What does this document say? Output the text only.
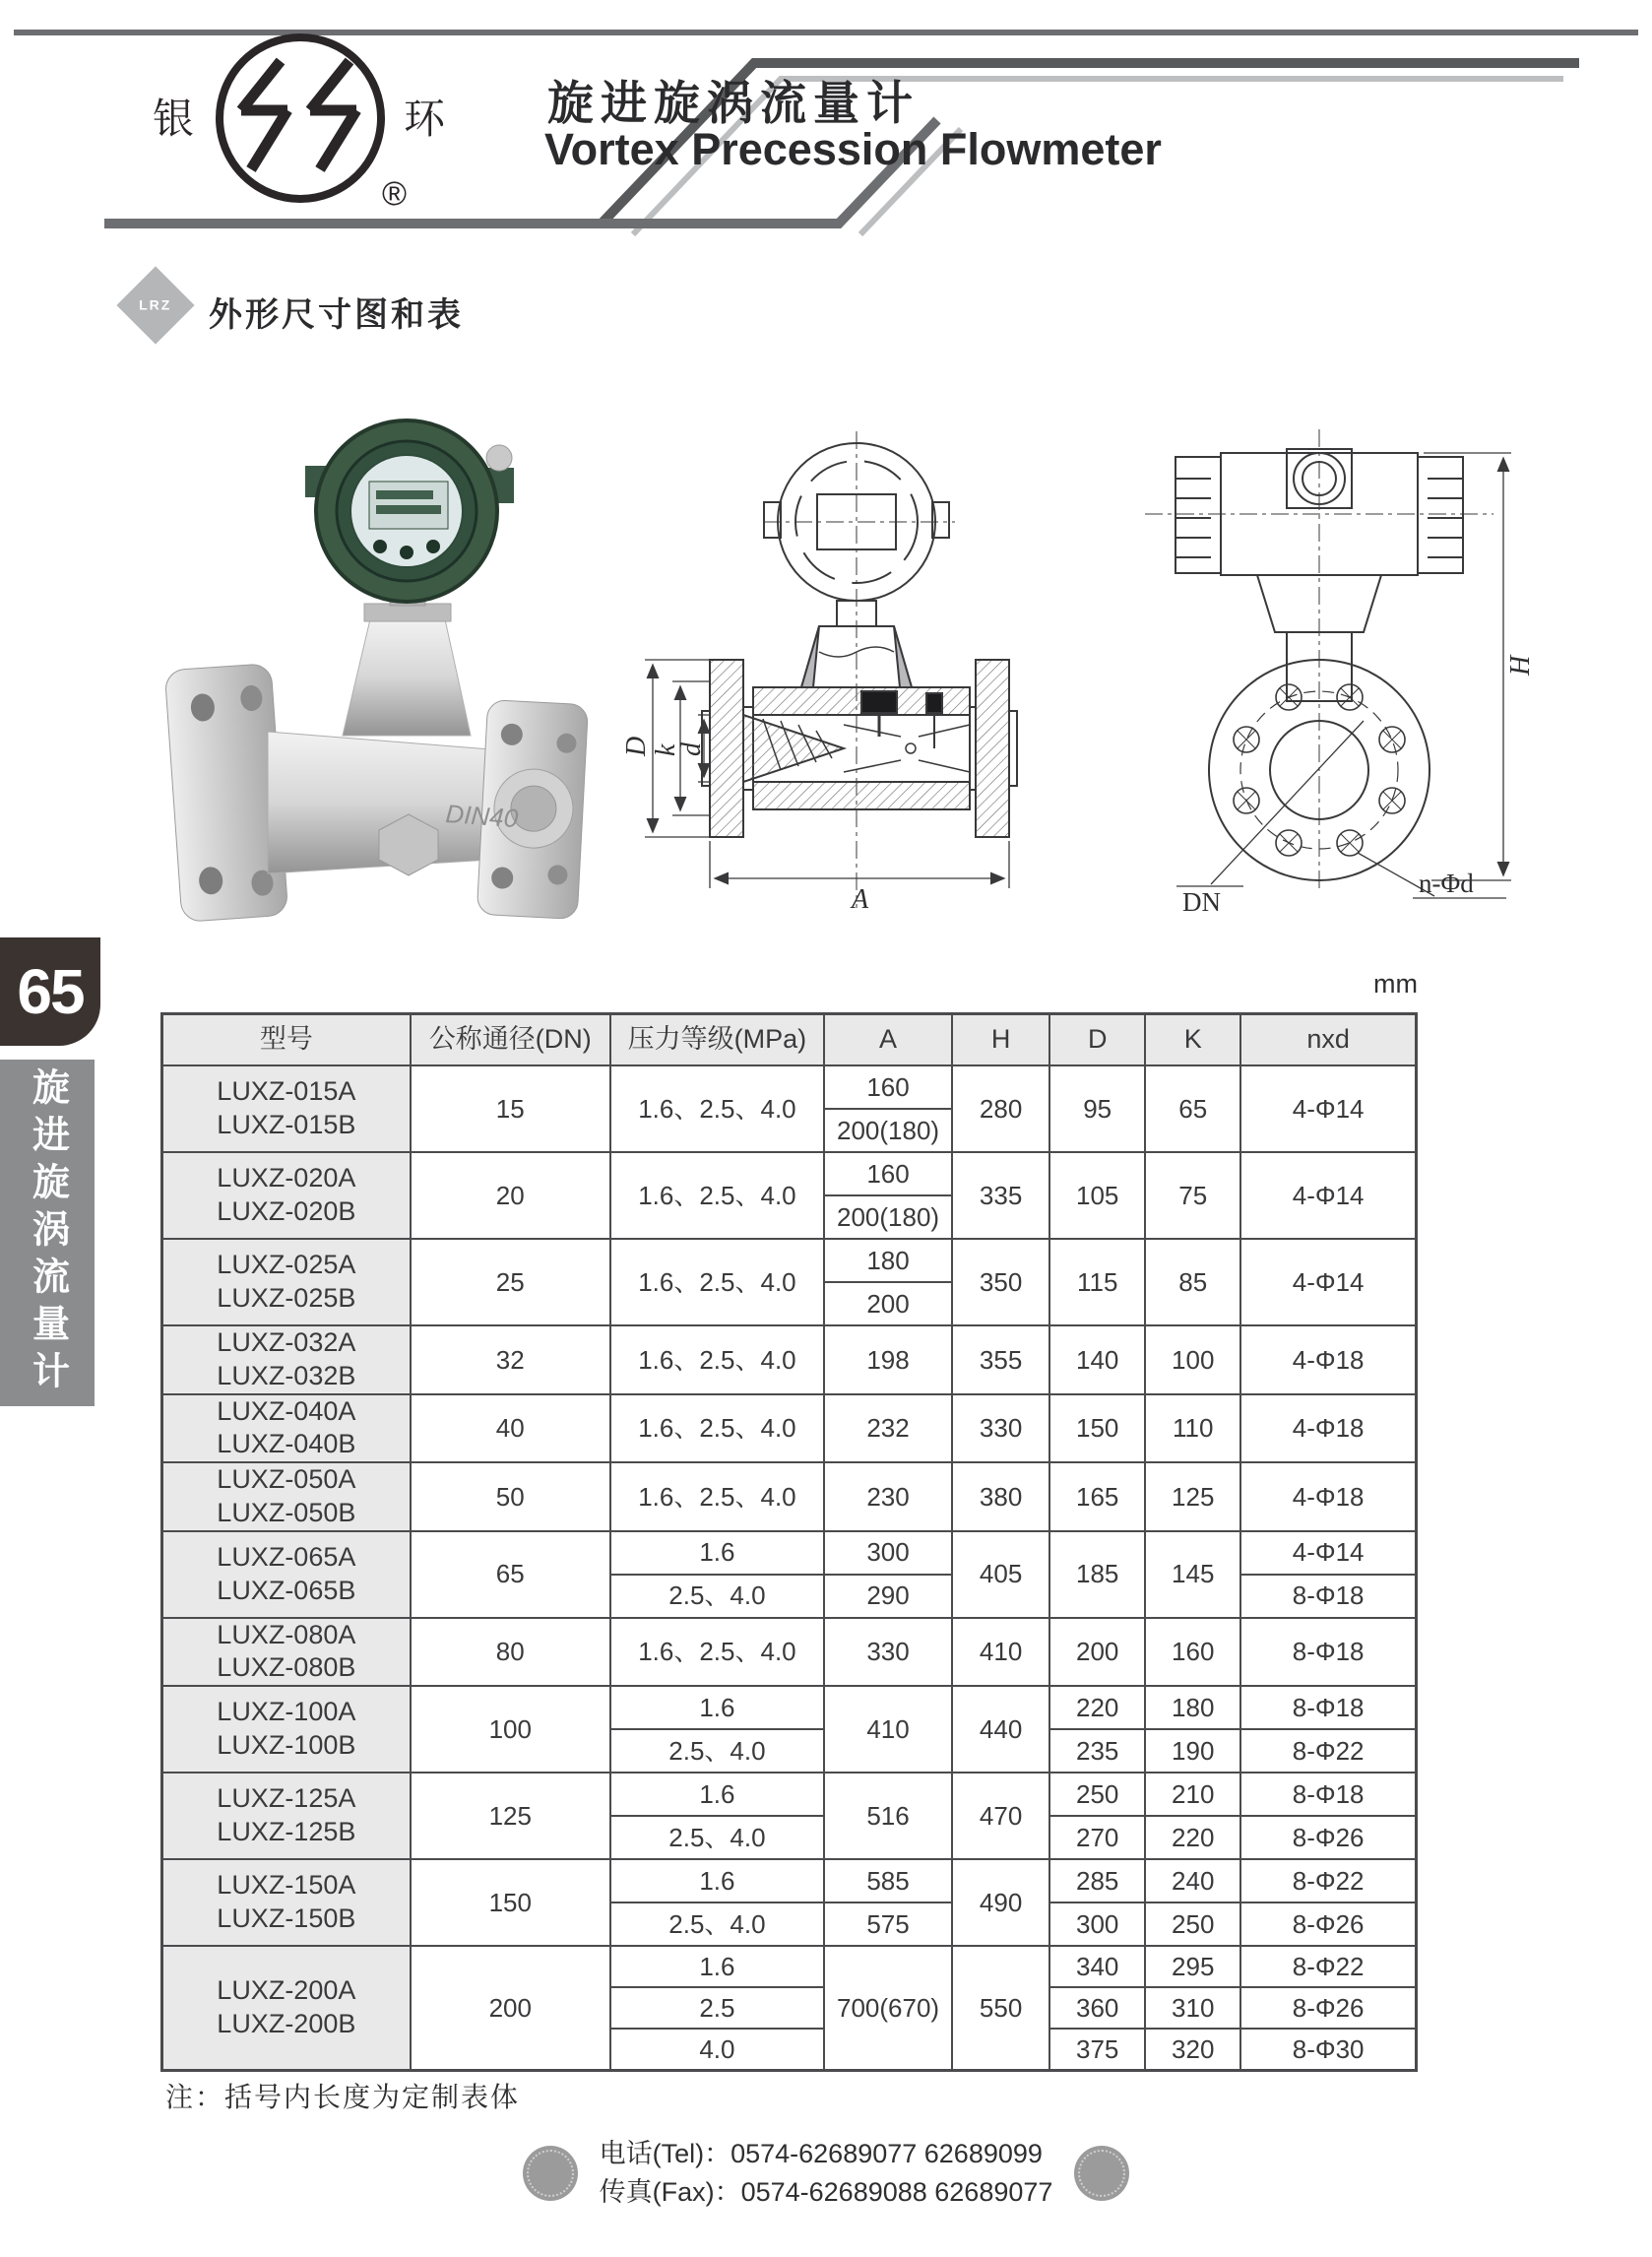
银	环
®
旋进旋涡流量计
Vortex Precession Flowmeter
LRZ 外形尺寸图和表
DIN40
D k
d
A
H
DN
n-Φd
65
旋进旋涡流量计
mm
型号	公称通径(DN)	压力等级(MPa)	A	H	D	K	nxd

LUXZ-015A
LUXZ-015B	15	1.6、2.5、4.0	160	280	95	65	4-Φ14
			200(180)				

LUXZ-020A
LUXZ-020B	20	1.6、2.5、4.0	160	335	105	75	4-Φ14
			200(180)				

LUXZ-025A
LUXZ-025B	25	1.6、2.5、4.0	180	350	115	85	4-Φ14
			200				

LUXZ-032A
LUXZ-032B	32	1.6、2.5、4.0	198	355	140	100	4-Φ18

LUXZ-040A
LUXZ-040B	40	1.6、2.5、4.0	232	330	150	110	4-Φ18

LUXZ-050A
LUXZ-050B	50	1.6、2.5、4.0	230	380	165	125	4-Φ18

LUXZ-065A
LUXZ-065B	65	1.6	300	405	185	145	4-Φ14
		2.5、4.0	290				8-Φ18

LUXZ-080A
LUXZ-080B	80	1.6、2.5、4.0	330	410	200	160	8-Φ18

LUXZ-100A
LUXZ-100B	100	1.6	410	440	220	180	8-Φ18
		2.5、4.0			235	190	8-Φ22

LUXZ-125A
LUXZ-125B	125	1.6	516	470	250	210	8-Φ18
		2.5、4.0			270	220	8-Φ26

LUXZ-150A
LUXZ-150B	150	1.6	585	490	285	240	8-Φ22
		2.5、4.0	575		300	250	8-Φ26

LUXZ-200A
LUXZ-200B	200	1.6	700(670)	550	340	295	8-Φ22
		2.5			360	310	8-Φ26
		4.0			375	320	8-Φ30
注：括号内长度为定制表体
电话(Tel)：0574-62689077 62689099
传真(Fax)：0574-62689088 62689077
